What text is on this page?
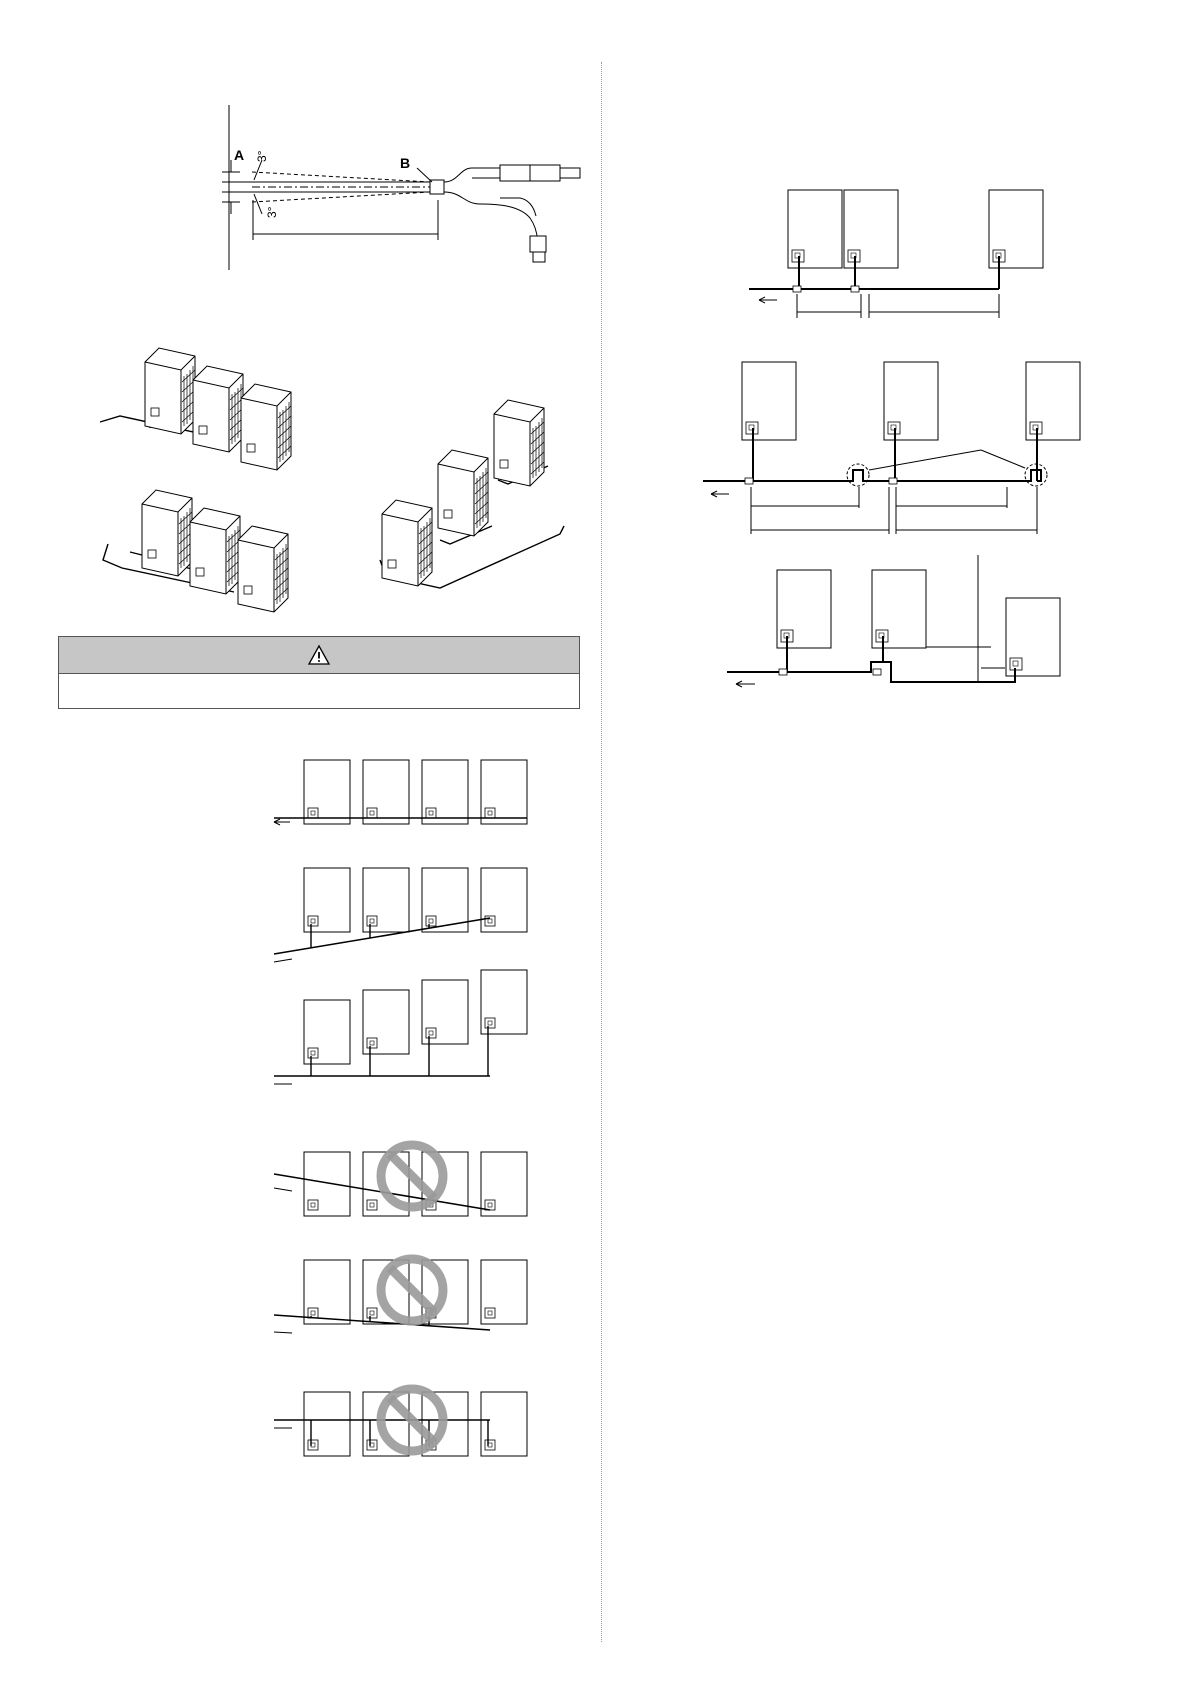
A	B
3°
3°
